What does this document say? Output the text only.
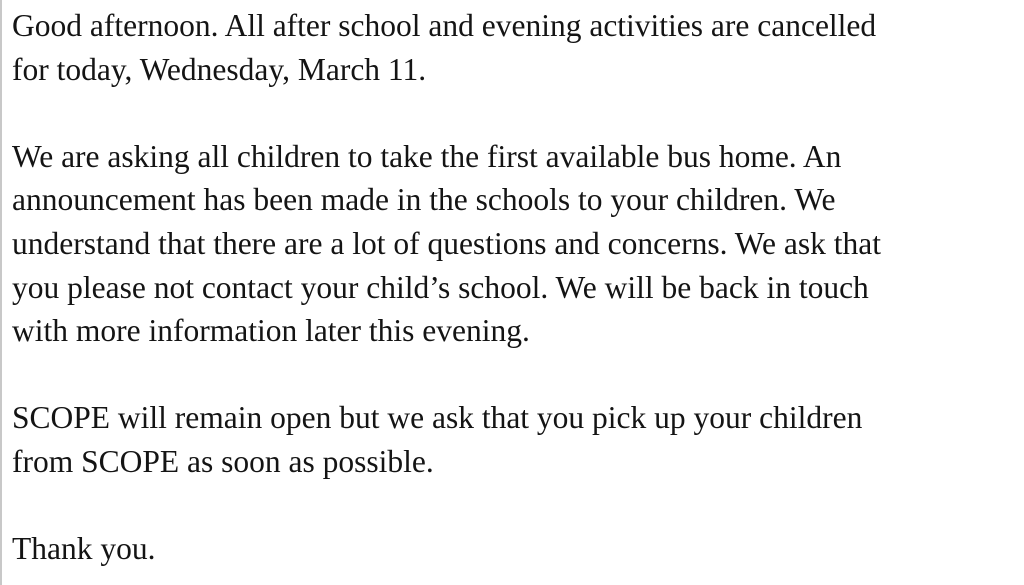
Good afternoon. All after school and evening activities are cancelled
for today, Wednesday, March 11.

We are asking all children to take the first available bus home. An
announcement has been made in the schools to your children. We
understand that there are a lot of questions and concerns. We ask that
you please not contact your child’s school. We will be back in touch
with more information later this evening.

SCOPE will remain open but we ask that you pick up your children
from SCOPE as soon as possible.

Thank you.
